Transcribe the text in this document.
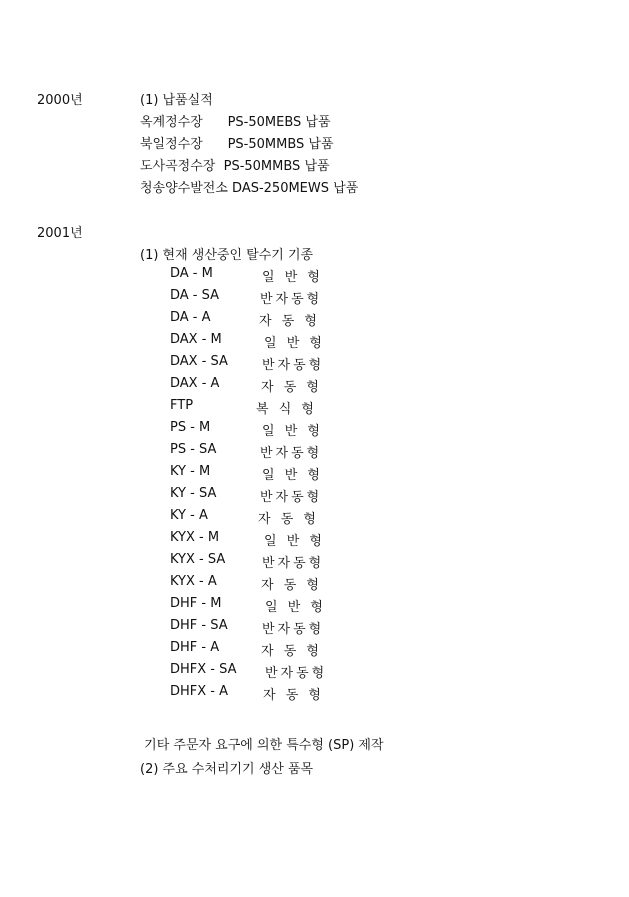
2000년	(1) 납품실적
옥계정수장      PS-50MEBS 납품
북일정수장      PS-50MMBS 납품
도사곡정수장  PS-50MMBS 납품
청송양수발전소 DAS-250MEWS 납품
2001년
(1) 현재 생산중인 탈수기 기종
DA - M	일 반 형
DA - SA	반자동형
DA - A	자 동 형
DAX - M	일 반 형
DAX - SA	반자동형
DAX - A	자 동 형
FTP	복 식 형
PS - M	일 반 형
PS - SA	반자동형
KY - M	일 반 형
KY - SA	반자동형
KY - A	자 동 형
KYX - M	일 반 형
KYX - SA	반자동형
KYX - A	자 동 형
DHF - M	일 반 형
DHF - SA	반자동형
DHF - A	자 동 형
DHFX - SA 반자동형
DHFX - A	자 동 형
기타 주문자 요구에 의한 특수형 (SP) 제작
(2) 주요 수처리기기 생산 품목
